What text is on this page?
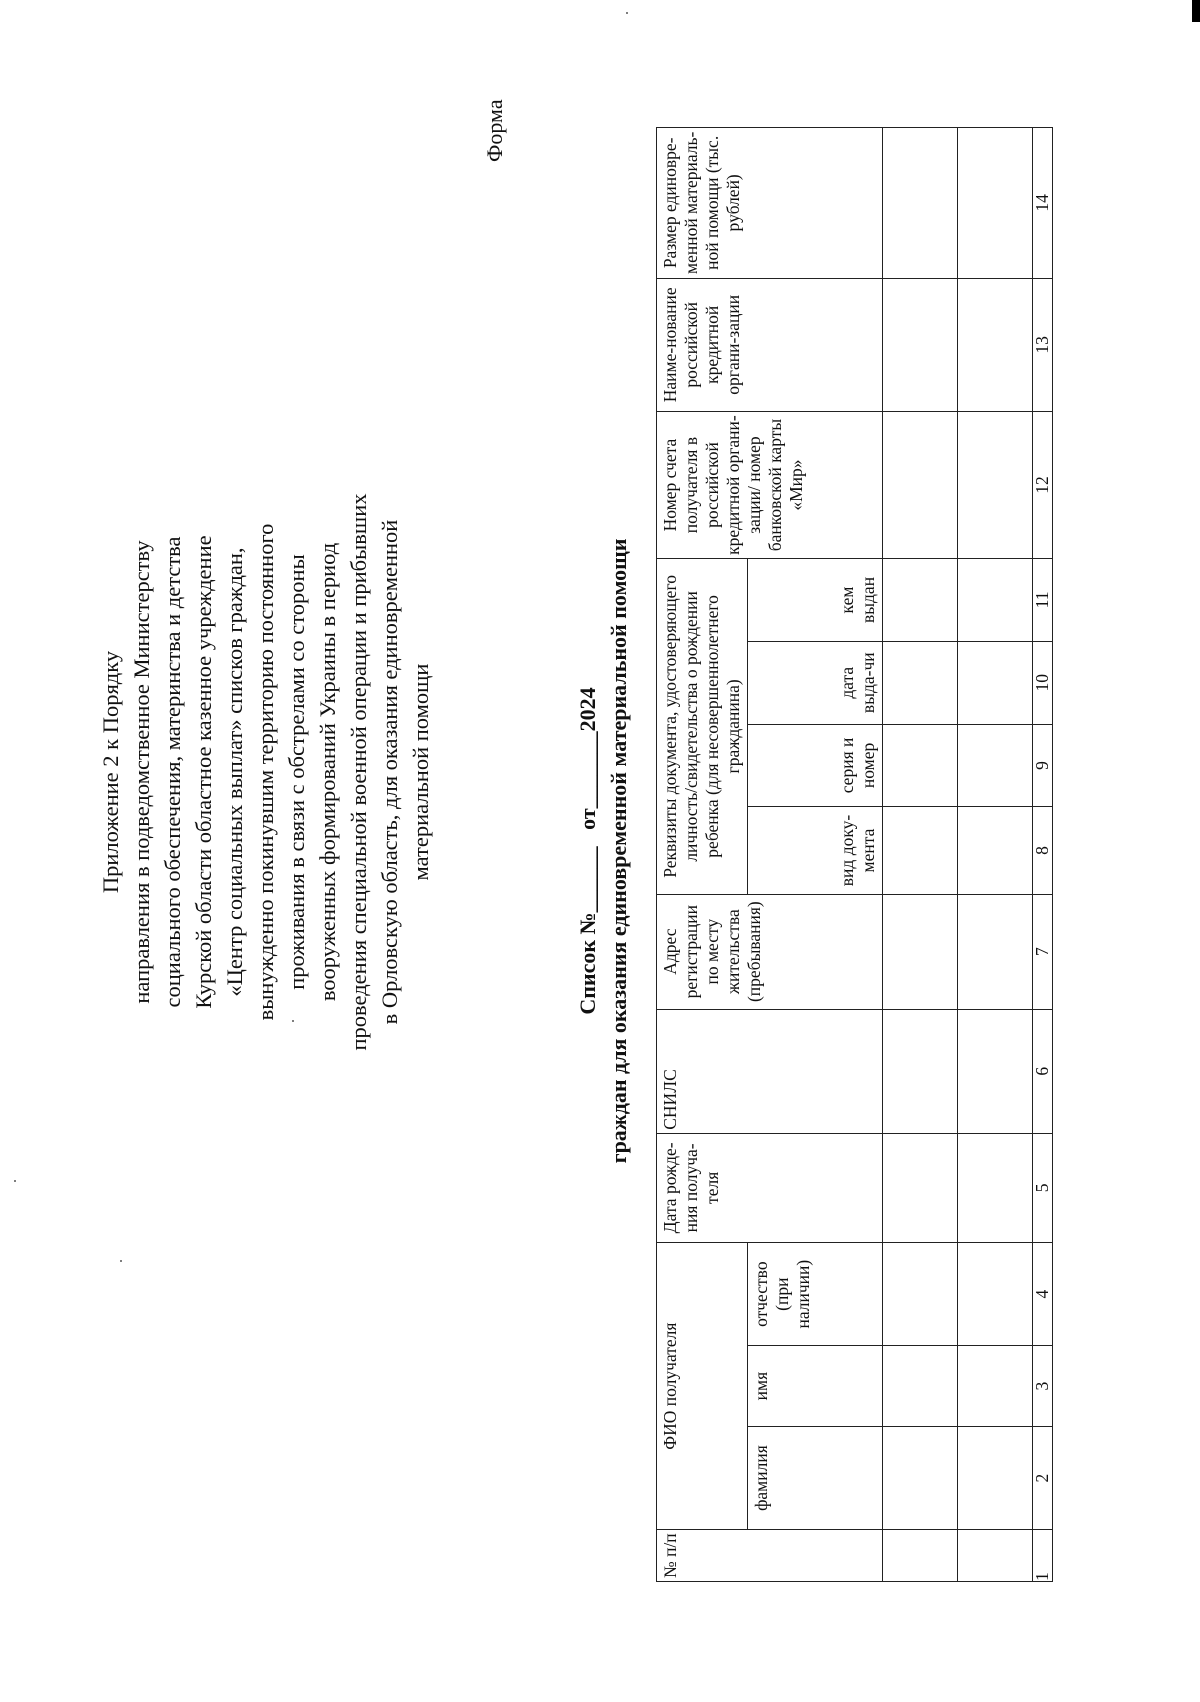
Приложение 2 к Порядку направления в подведомственное Министерству социального обеспечения, материнства и детства Курской области областное казенное учреждение «Центр социальных выплат» списков граждан, вынужденно покинувшим территорию постоянного проживания в связи с обстрелами со стороны вооруженных формирований Украины в период проведения специальной военной операции и прибывших в Орловскую область, для оказания единовременной материальной помощи
Форма
Список №______   от_______2024 граждан для оказания единовременной материальной помощи
№ п/п	ФИО получателя			Дата рожде-ния получа-теля	СНИЛС	Адрес регистрации по месту жительства (пребывания)	Реквизиты документа, удостоверяющего личность/свидетельства о рождении ребенка (для несовершеннолетнего гражданина)				Номер счета получателя в российской кредитной органи-зации/ номер банковской карты «Мир»	Наиме-нование российской кредитной органи-зации	Размер единовре-менной материаль-ной помощи (тыс. рублей)
	фамилия	имя	отчество (при наличии)				вид доку-мента	серия и номер	дата выда-чи	кем выдан			

1	2	3	4	5	6	7	8	9	10	11	12	13	14
